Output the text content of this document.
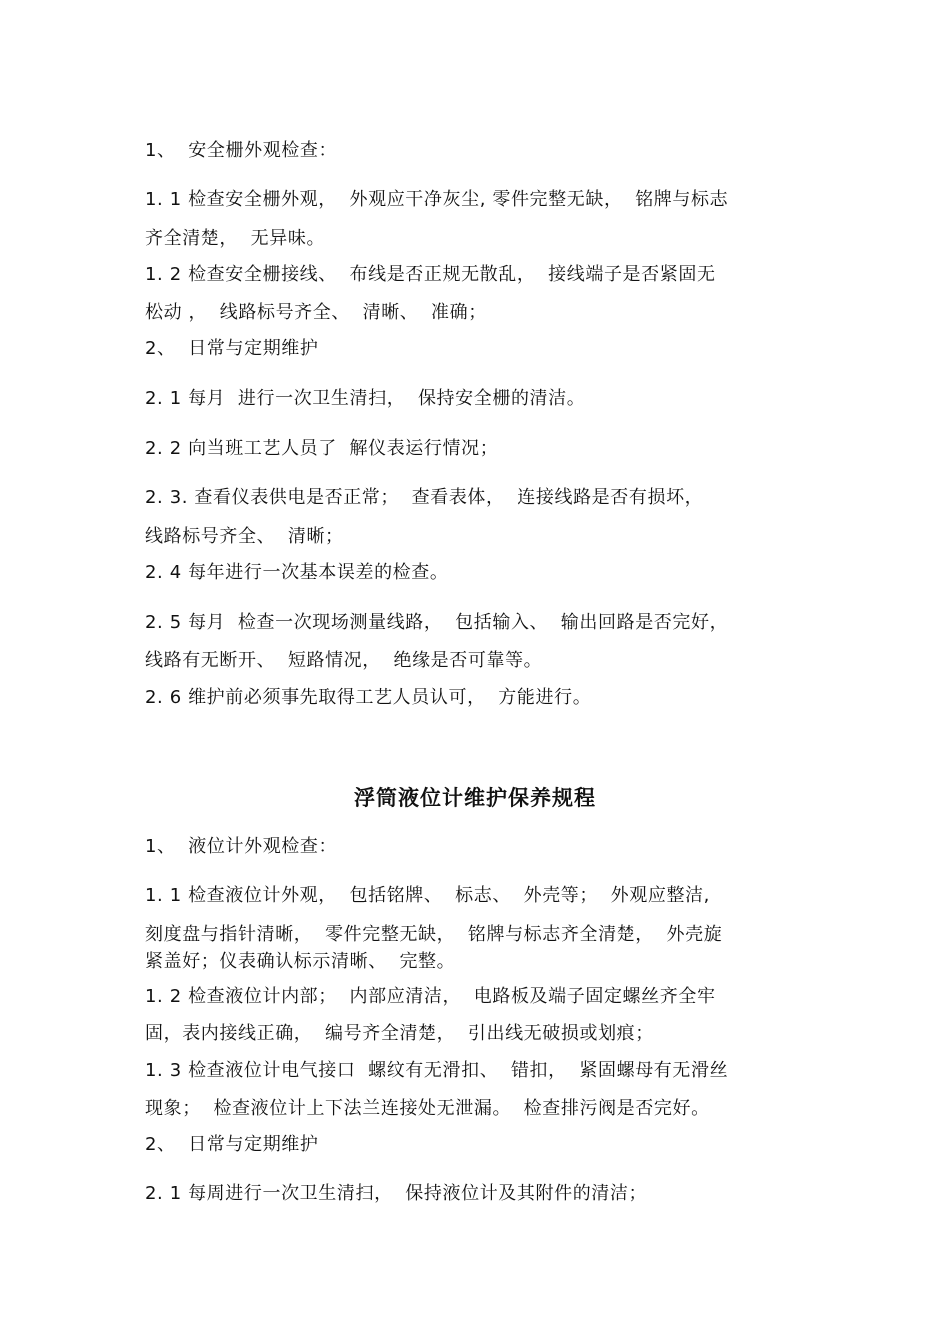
1、  安全栅外观检查：
1. 1 检查安全栅外观，  外观应干净灰尘, 零件完整无缺，  铭牌与标志
齐全清楚，  无异味。
1. 2 检查安全栅接线、  布线是否正规无散乱，  接线端子是否紧固无
松动 ，  线路标号齐全、  清晰、  准确；
2、  日常与定期维护
2. 1 每月  进行一次卫生清扫，  保持安全栅的清洁。
2. 2 向当班工艺人员了  解仪表运行情况；
2. 3. 查看仪表供电是否正常；  查看表体，  连接线路是否有损坏，
线路标号齐全、  清晰；
2. 4 每年进行一次基本误差的检查。
2. 5 每月  检查一次现场测量线路，  包括输入、  输出回路是否完好，
线路有无断开、  短路情况，  绝缘是否可靠等。
2. 6 维护前必须事先取得工艺人员认可，  方能进行。
浮筒液位计维护保养规程
1、  液位计外观检查：
1. 1 检查液位计外观，  包括铭牌、  标志、  外壳等；  外观应整洁,
刻度盘与指针清晰，  零件完整无缺，  铭牌与标志齐全清楚，  外壳旋
紧盖好；仪表确认标示清晰、  完整。
1. 2 检查液位计内部；  内部应清洁，  电路板及端子固定螺丝齐全牢
固，表内接线正确，  编号齐全清楚，  引出线无破损或划痕；
1. 3 检查液位计电气接口  螺纹有无滑扣、  错扣，  紧固螺母有无滑丝
现象；  检查液位计上下法兰连接处无泄漏。  检查排污阀是否完好。
2、  日常与定期维护
2. 1 每周进行一次卫生清扫，  保持液位计及其附件的清洁；
